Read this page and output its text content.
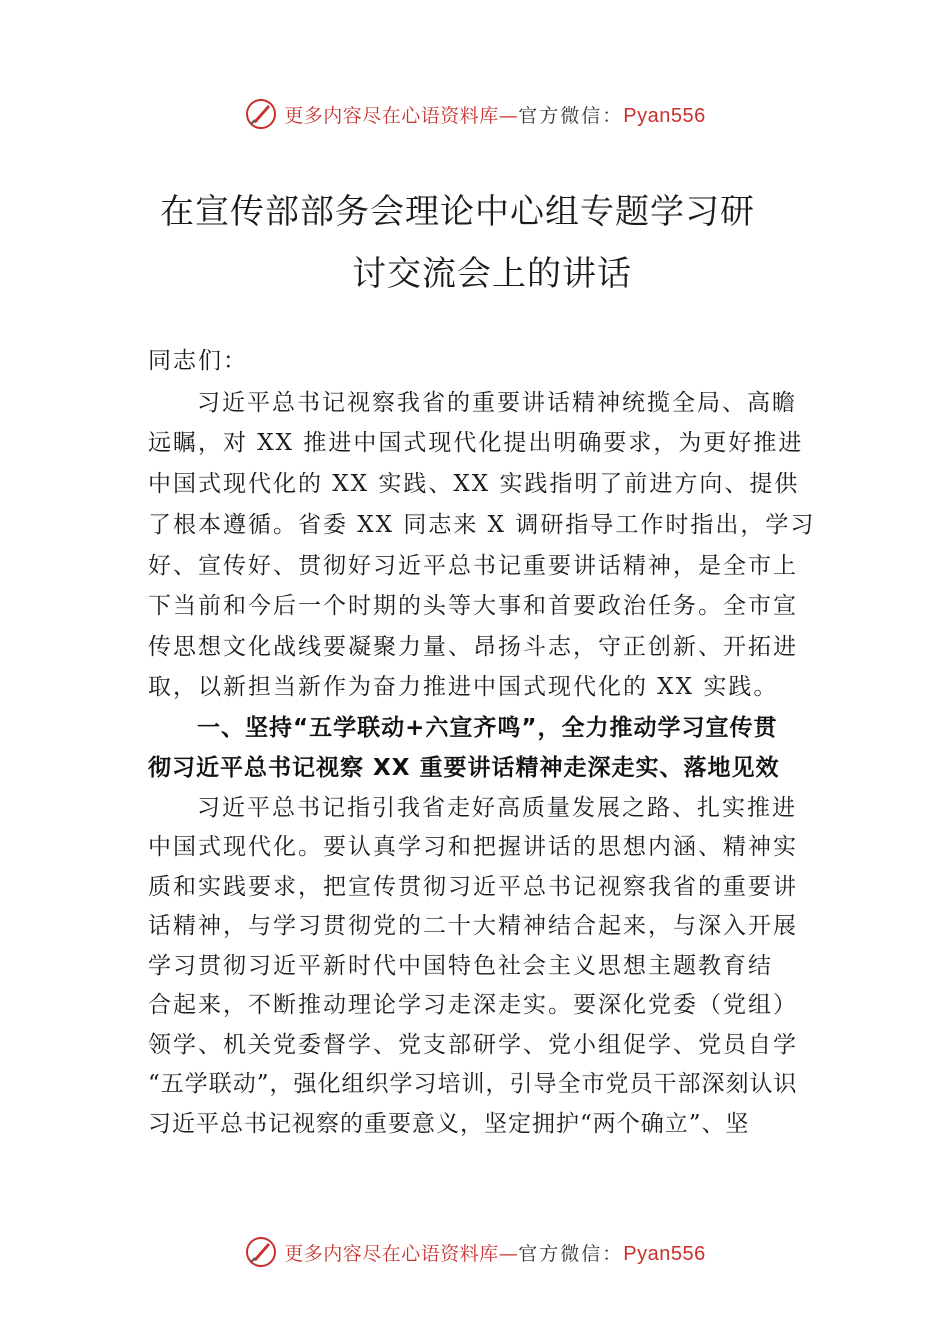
更多内容尽在心语资料库—官方微信：Pyan556
在宣传部部务会理论中心组专题学习研
讨交流会上的讲话
同志们：
习近平总书记视察我省的重要讲话精神统揽全局、高瞻
远瞩，对 XX 推进中国式现代化提出明确要求，为更好推进
中国式现代化的 XX 实践、XX 实践指明了前进方向、提供
了根本遵循。省委 XX 同志来 X 调研指导工作时指出，学习
好、宣传好、贯彻好习近平总书记重要讲话精神，是全市上
下当前和今后一个时期的头等大事和首要政治任务。全市宣
传思想文化战线要凝聚力量、昂扬斗志，守正创新、开拓进
取，以新担当新作为奋力推进中国式现代化的 XX 实践。
一、坚持“五学联动+六宣齐鸣”，全力推动学习宣传贯
彻习近平总书记视察 XX 重要讲话精神走深走实、落地见效
习近平总书记指引我省走好高质量发展之路、扎实推进
中国式现代化。要认真学习和把握讲话的思想内涵、精神实
质和实践要求，把宣传贯彻习近平总书记视察我省的重要讲
话精神，与学习贯彻党的二十大精神结合起来，与深入开展
学习贯彻习近平新时代中国特色社会主义思想主题教育结
合起来，不断推动理论学习走深走实。要深化党委（党组）
领学、机关党委督学、党支部研学、党小组促学、党员自学
“五学联动”，强化组织学习培训，引导全市党员干部深刻认识
习近平总书记视察的重要意义，坚定拥护“两个确立”、坚
更多内容尽在心语资料库—官方微信：Pyan556
